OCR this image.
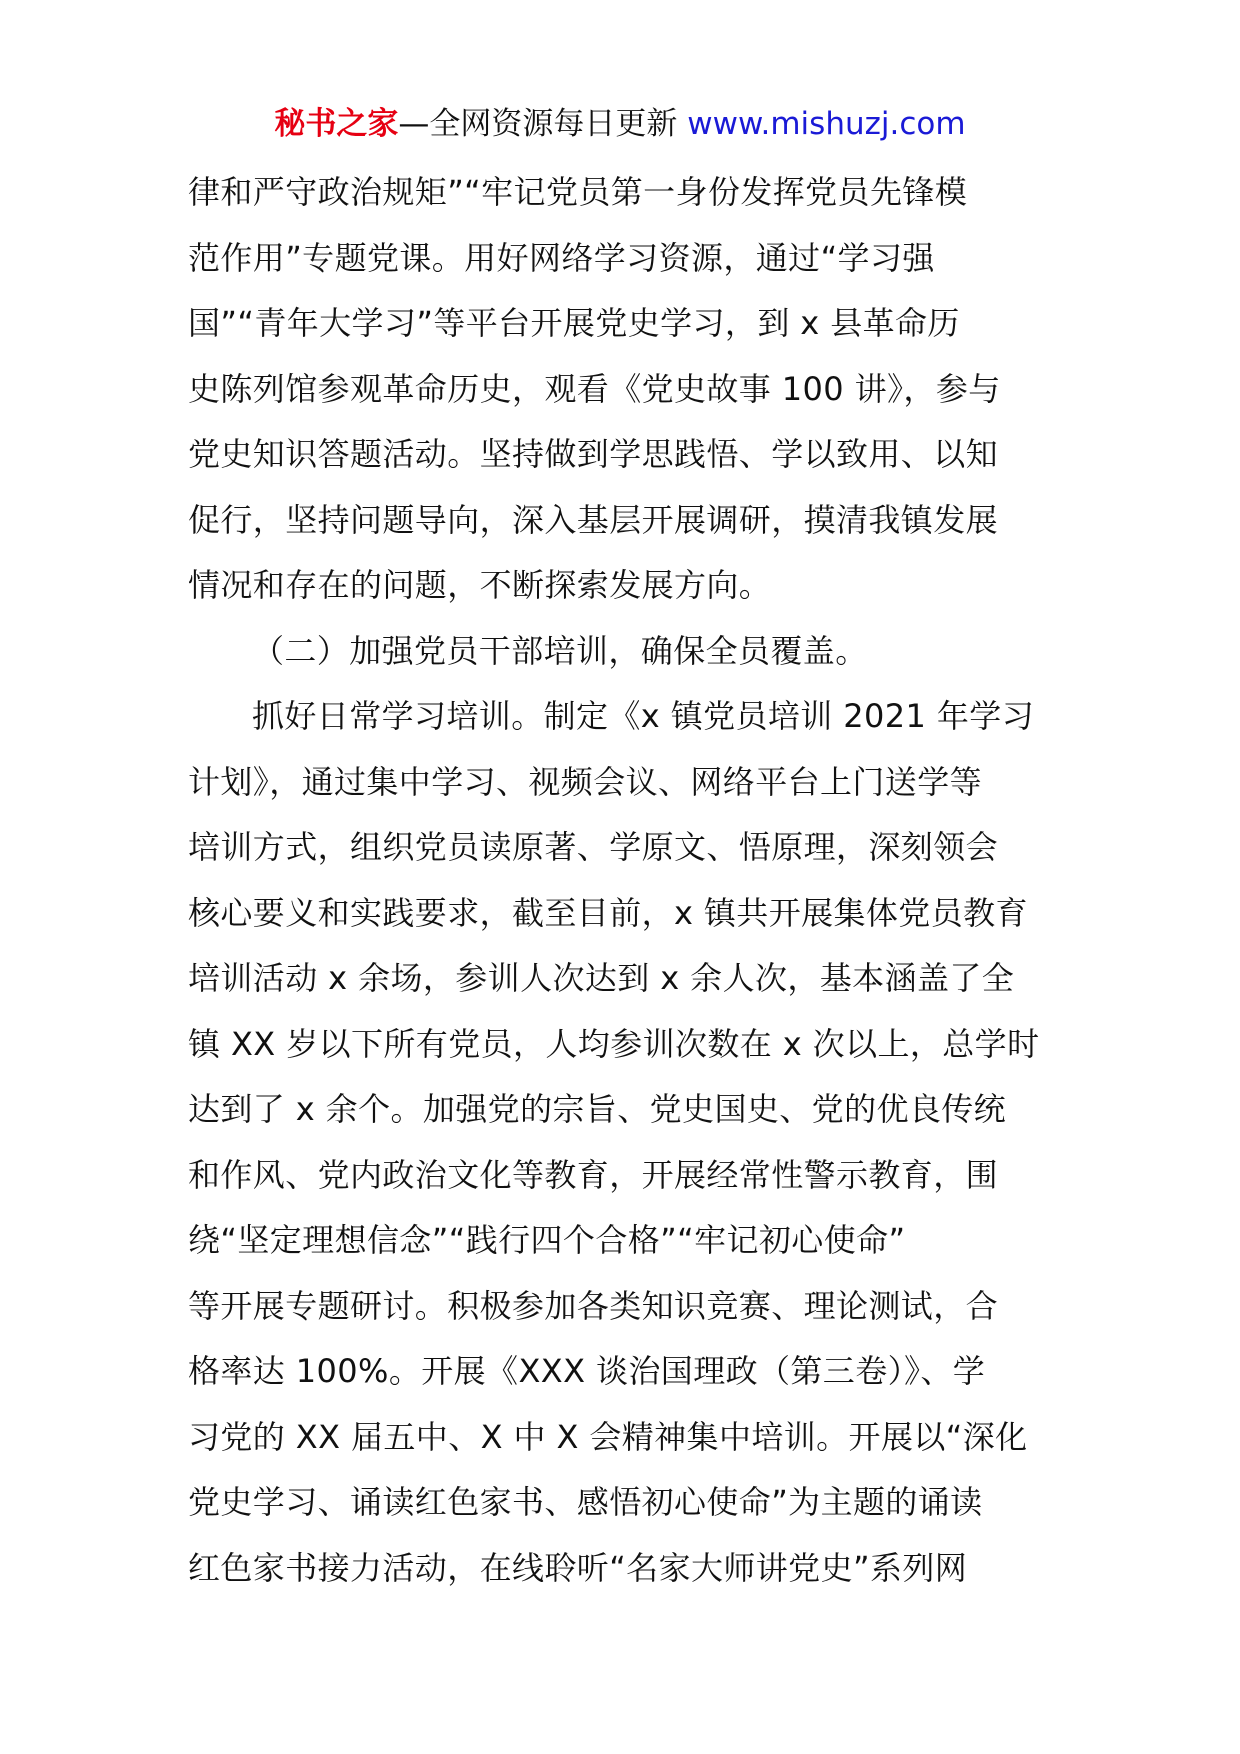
秘书之家—全网资源每日更新 www.mishuzj.com
律和严守政治规矩”“牢记党员第一身份发挥党员先锋模
范作用”专题党课。用好网络学习资源，通过“学习强
国”“青年大学习”等平台开展党史学习，到 x 县革命历
史陈列馆参观革命历史，观看《党史故事 100 讲》，参与
党史知识答题活动。坚持做到学思践悟、学以致用、以知
促行，坚持问题导向，深入基层开展调研，摸清我镇发展
情况和存在的问题，不断探索发展方向。
（二）加强党员干部培训，确保全员覆盖。
抓好日常学习培训。制定《x 镇党员培训 2021 年学习
计划》，通过集中学习、视频会议、网络平台上门送学等
培训方式，组织党员读原著、学原文、悟原理，深刻领会
核心要义和实践要求，截至目前，x 镇共开展集体党员教育
培训活动 x 余场，参训人次达到 x 余人次，基本涵盖了全
镇 XX 岁以下所有党员，人均参训次数在 x 次以上，总学时
达到了 x 余个。加强党的宗旨、党史国史、党的优良传统
和作风、党内政治文化等教育，开展经常性警示教育，围
绕“坚定理想信念”“践行四个合格”“牢记初心使命”
等开展专题研讨。积极参加各类知识竞赛、理论测试，合
格率达 100%。开展《XXX 谈治国理政（第三卷）》、学
习党的 XX 届五中、X 中 X 会精神集中培训。开展以“深化
党史学习、诵读红色家书、感悟初心使命”为主题的诵读
红色家书接力活动，在线聆听“名家大师讲党史”系列网
